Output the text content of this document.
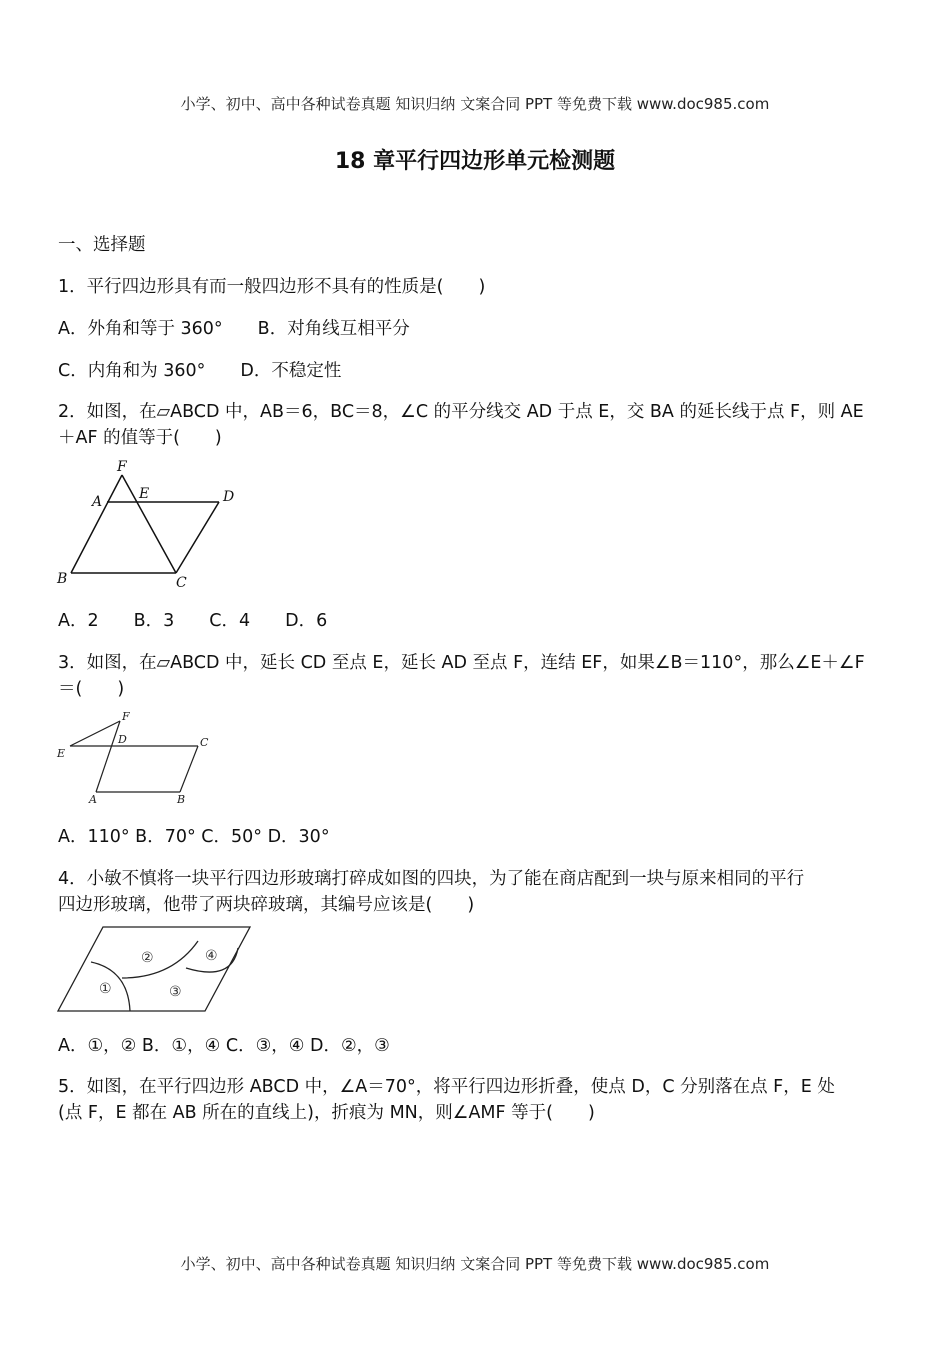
小学、初中、高中各种试卷真题 知识归纳 文案合同 PPT 等免费下载 www.doc985.com
18 章平行四边形单元检测题
一、选择题
1．平行四边形具有而一般四边形不具有的性质是(　　)
A．外角和等于 360°　　B．对角线互相平分
C．内角和为 360°　　D．不稳定性
2．如图，在▱ABCD 中，AB＝6，BC＝8，∠C 的平分线交 AD 于点 E，交 BA 的延长线于点 F，则 AE
＋AF 的值等于(　　)
F
A	E	D
B	C
F
D	C
E
A	B
①
②
③
④
A．2　　B．3　　C．4　　D．6
3．如图，在▱ABCD 中，延长 CD 至点 E，延长 AD 至点 F，连结 EF，如果∠B＝110°，那么∠E＋∠F
＝(　　)
A．110° B．70° C．50° D．30°
4．小敏不慎将一块平行四边形玻璃打碎成如图的四块，为了能在商店配到一块与原来相同的平行
四边形玻璃，他带了两块碎玻璃，其编号应该是(　　)
A．①，② B．①，④ C．③，④ D．②，③
5．如图，在平行四边形 ABCD 中，∠A＝70°，将平行四边形折叠，使点 D，C 分别落在点 F，E 处
(点 F，E 都在 AB 所在的直线上)，折痕为 MN，则∠AMF 等于(　　)
小学、初中、高中各种试卷真题 知识归纳 文案合同 PPT 等免费下载 www.doc985.com
